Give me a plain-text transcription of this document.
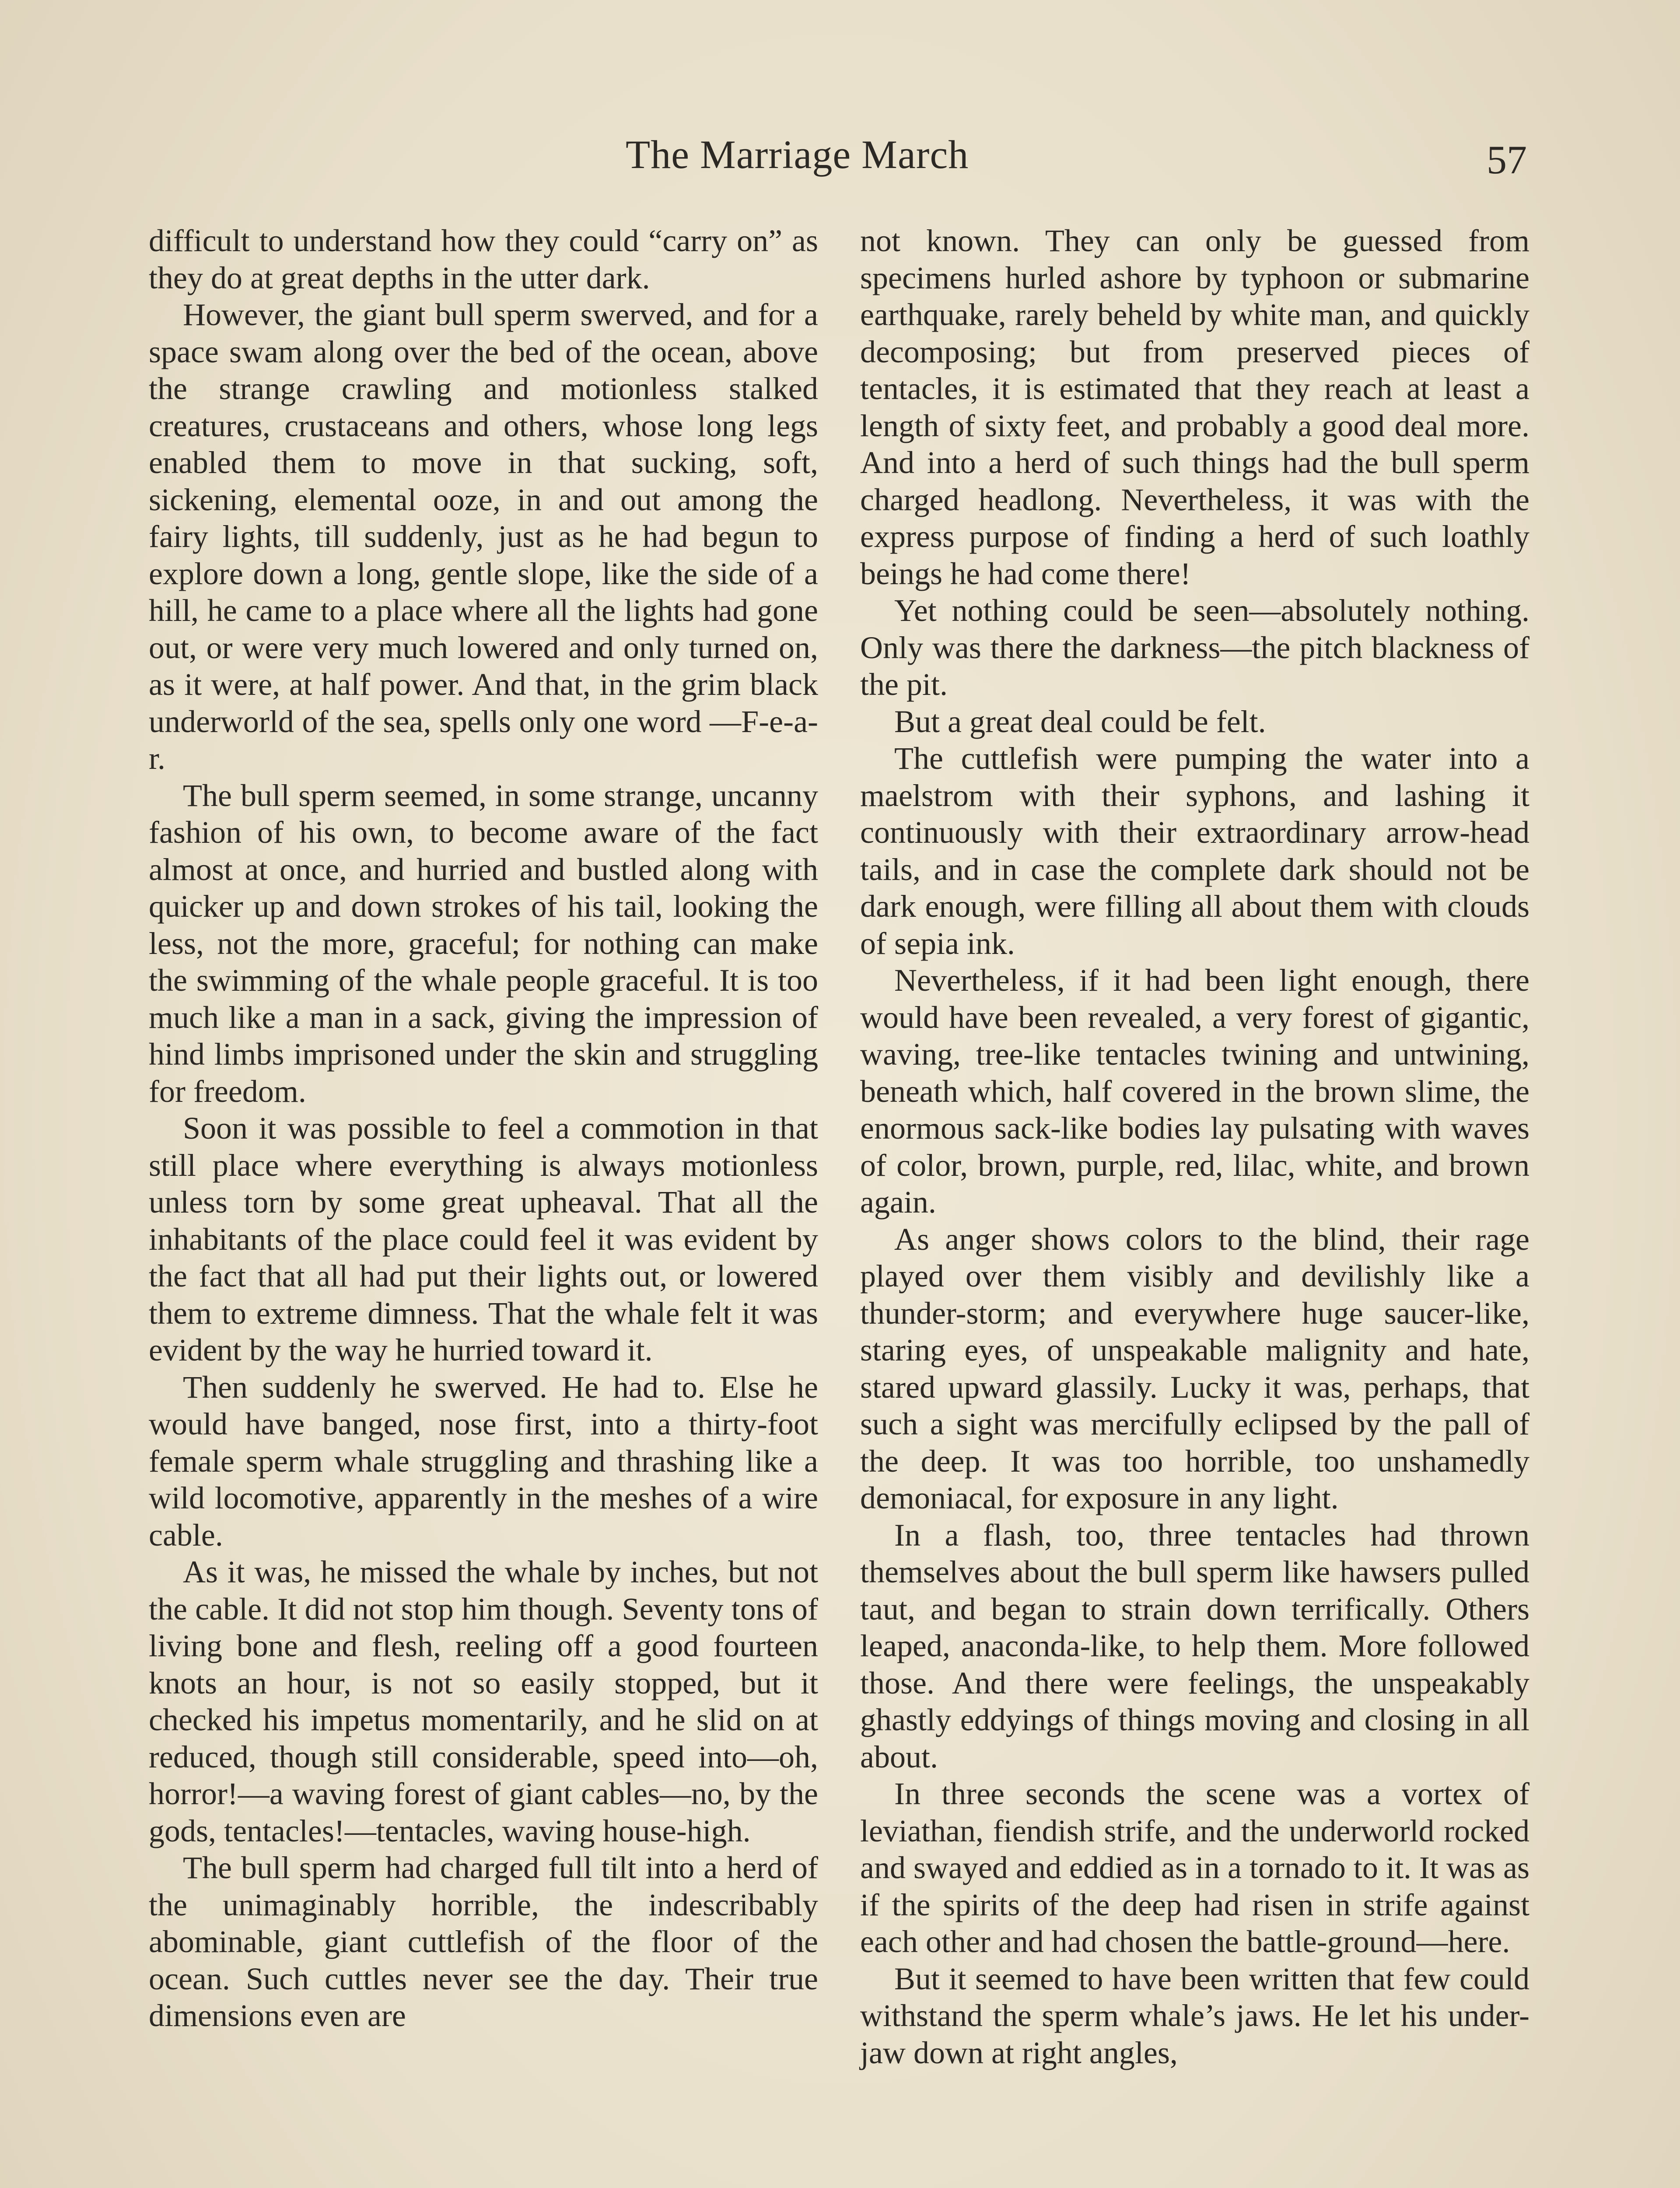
The Marriage March	57

difficult to understand how they could “carry on” as they do at great depths in the utter dark.

However, the giant bull sperm swerved, and for a space swam along over the bed of the ocean, above the strange crawling and motionless stalked creatures, crustaceans and others, whose long legs enabled them to move in that sucking, soft, sickening, elemental ooze, in and out among the fairy lights, till suddenly, just as he had begun to explore down a long, gentle slope, like the side of a hill, he came to a place where all the lights had gone out, or were very much lowered and only turned on, as it were, at half power. And that, in the grim black underworld of the sea, spells only one word —F-e-a-r.

The bull sperm seemed, in some strange, uncanny fashion of his own, to become aware of the fact almost at once, and hurried and bustled along with quicker up and down strokes of his tail, looking the less, not the more, graceful; for nothing can make the swimming of the whale people graceful. It is too much like a man in a sack, giving the impression of hind limbs imprisoned under the skin and struggling for freedom.

Soon it was possible to feel a commotion in that still place where everything is always motionless unless torn by some great upheaval. That all the inhabitants of the place could feel it was evident by the fact that all had put their lights out, or lowered them to extreme dimness. That the whale felt it was evident by the way he hurried toward it.

Then suddenly he swerved. He had to. Else he would have banged, nose first, into a thirty-foot female sperm whale struggling and thrashing like a wild locomotive, apparently in the meshes of a wire cable.

As it was, he missed the whale by inches, but not the cable. It did not stop him though. Seventy tons of living bone and flesh, reeling off a good fourteen knots an hour, is not so easily stopped, but it checked his impetus momentarily, and he slid on at reduced, though still considerable, speed into—oh, horror!—a waving forest of giant cables—no, by the gods, tentacles!—tentacles, waving house-high.

The bull sperm had charged full tilt into a herd of the unimaginably horrible, the indescribably abominable, giant cuttlefish of the floor of the ocean. Such cuttles never see the day. Their true dimensions even are

not known. They can only be guessed from specimens hurled ashore by typhoon or submarine earthquake, rarely beheld by white man, and quickly decomposing; but from preserved pieces of tentacles, it is estimated that they reach at least a length of sixty feet, and probably a good deal more. And into a herd of such things had the bull sperm charged headlong. Nevertheless, it was with the express purpose of finding a herd of such loathly beings he had come there!

Yet nothing could be seen—absolutely nothing. Only was there the darkness—the pitch blackness of the pit.

But a great deal could be felt.

The cuttlefish were pumping the water into a maelstrom with their syphons, and lashing it continuously with their extraordinary arrow-head tails, and in case the complete dark should not be dark enough, were filling all about them with clouds of sepia ink.

Nevertheless, if it had been light enough, there would have been revealed, a very forest of gigantic, waving, tree-like tentacles twining and untwining, beneath which, half covered in the brown slime, the enormous sack-like bodies lay pulsating with waves of color, brown, purple, red, lilac, white, and brown again.

As anger shows colors to the blind, their rage played over them visibly and devilishly like a thunder-storm; and everywhere huge saucer-like, staring eyes, of unspeakable malignity and hate, stared upward glassily. Lucky it was, perhaps, that such a sight was mercifully eclipsed by the pall of the deep. It was too horrible, too unshamedly demoniacal, for exposure in any light.

In a flash, too, three tentacles had thrown themselves about the bull sperm like hawsers pulled taut, and began to strain down terrifically. Others leaped, anaconda-like, to help them. More followed those. And there were feelings, the unspeakably ghastly eddyings of things moving and closing in all about.

In three seconds the scene was a vortex of leviathan, fiendish strife, and the underworld rocked and swayed and eddied as in a tornado to it. It was as if the spirits of the deep had risen in strife against each other and had chosen the battle-ground—here.

But it seemed to have been written that few could withstand the sperm whale’s jaws. He let his under-jaw down at right angles,
